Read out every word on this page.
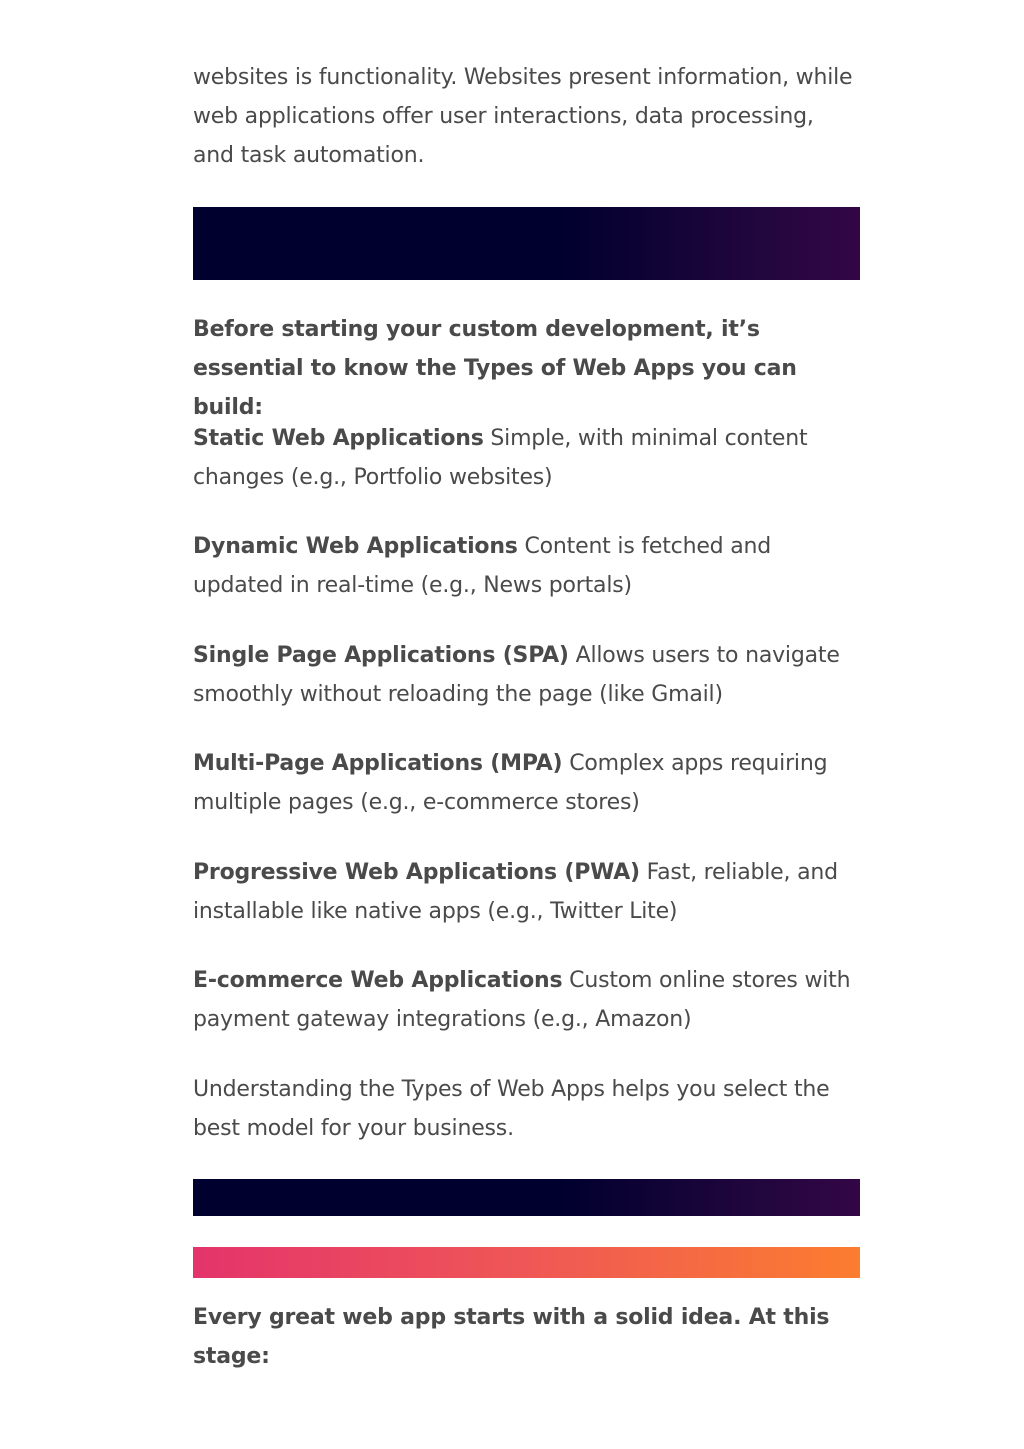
websites is functionality. Websites present information, while web applications offer user interactions, data processing, and task automation.

Before starting your custom development, it’s essential to know the Types of Web Apps you can build:

Static Web Applications Simple, with minimal content changes (e.g., Portfolio websites)

Dynamic Web Applications Content is fetched and updated in real-time (e.g., News portals)

Single Page Applications (SPA) Allows users to navigate smoothly without reloading the page (like Gmail)

Multi-Page Applications (MPA) Complex apps requiring multiple pages (e.g., e-commerce stores)

Progressive Web Applications (PWA) Fast, reliable, and installable like native apps (e.g., Twitter Lite)

E-commerce Web Applications Custom online stores with payment gateway integrations (e.g., Amazon)

Understanding the Types of Web Apps helps you select the best model for your business.

Every great web app starts with a solid idea. At this stage:
